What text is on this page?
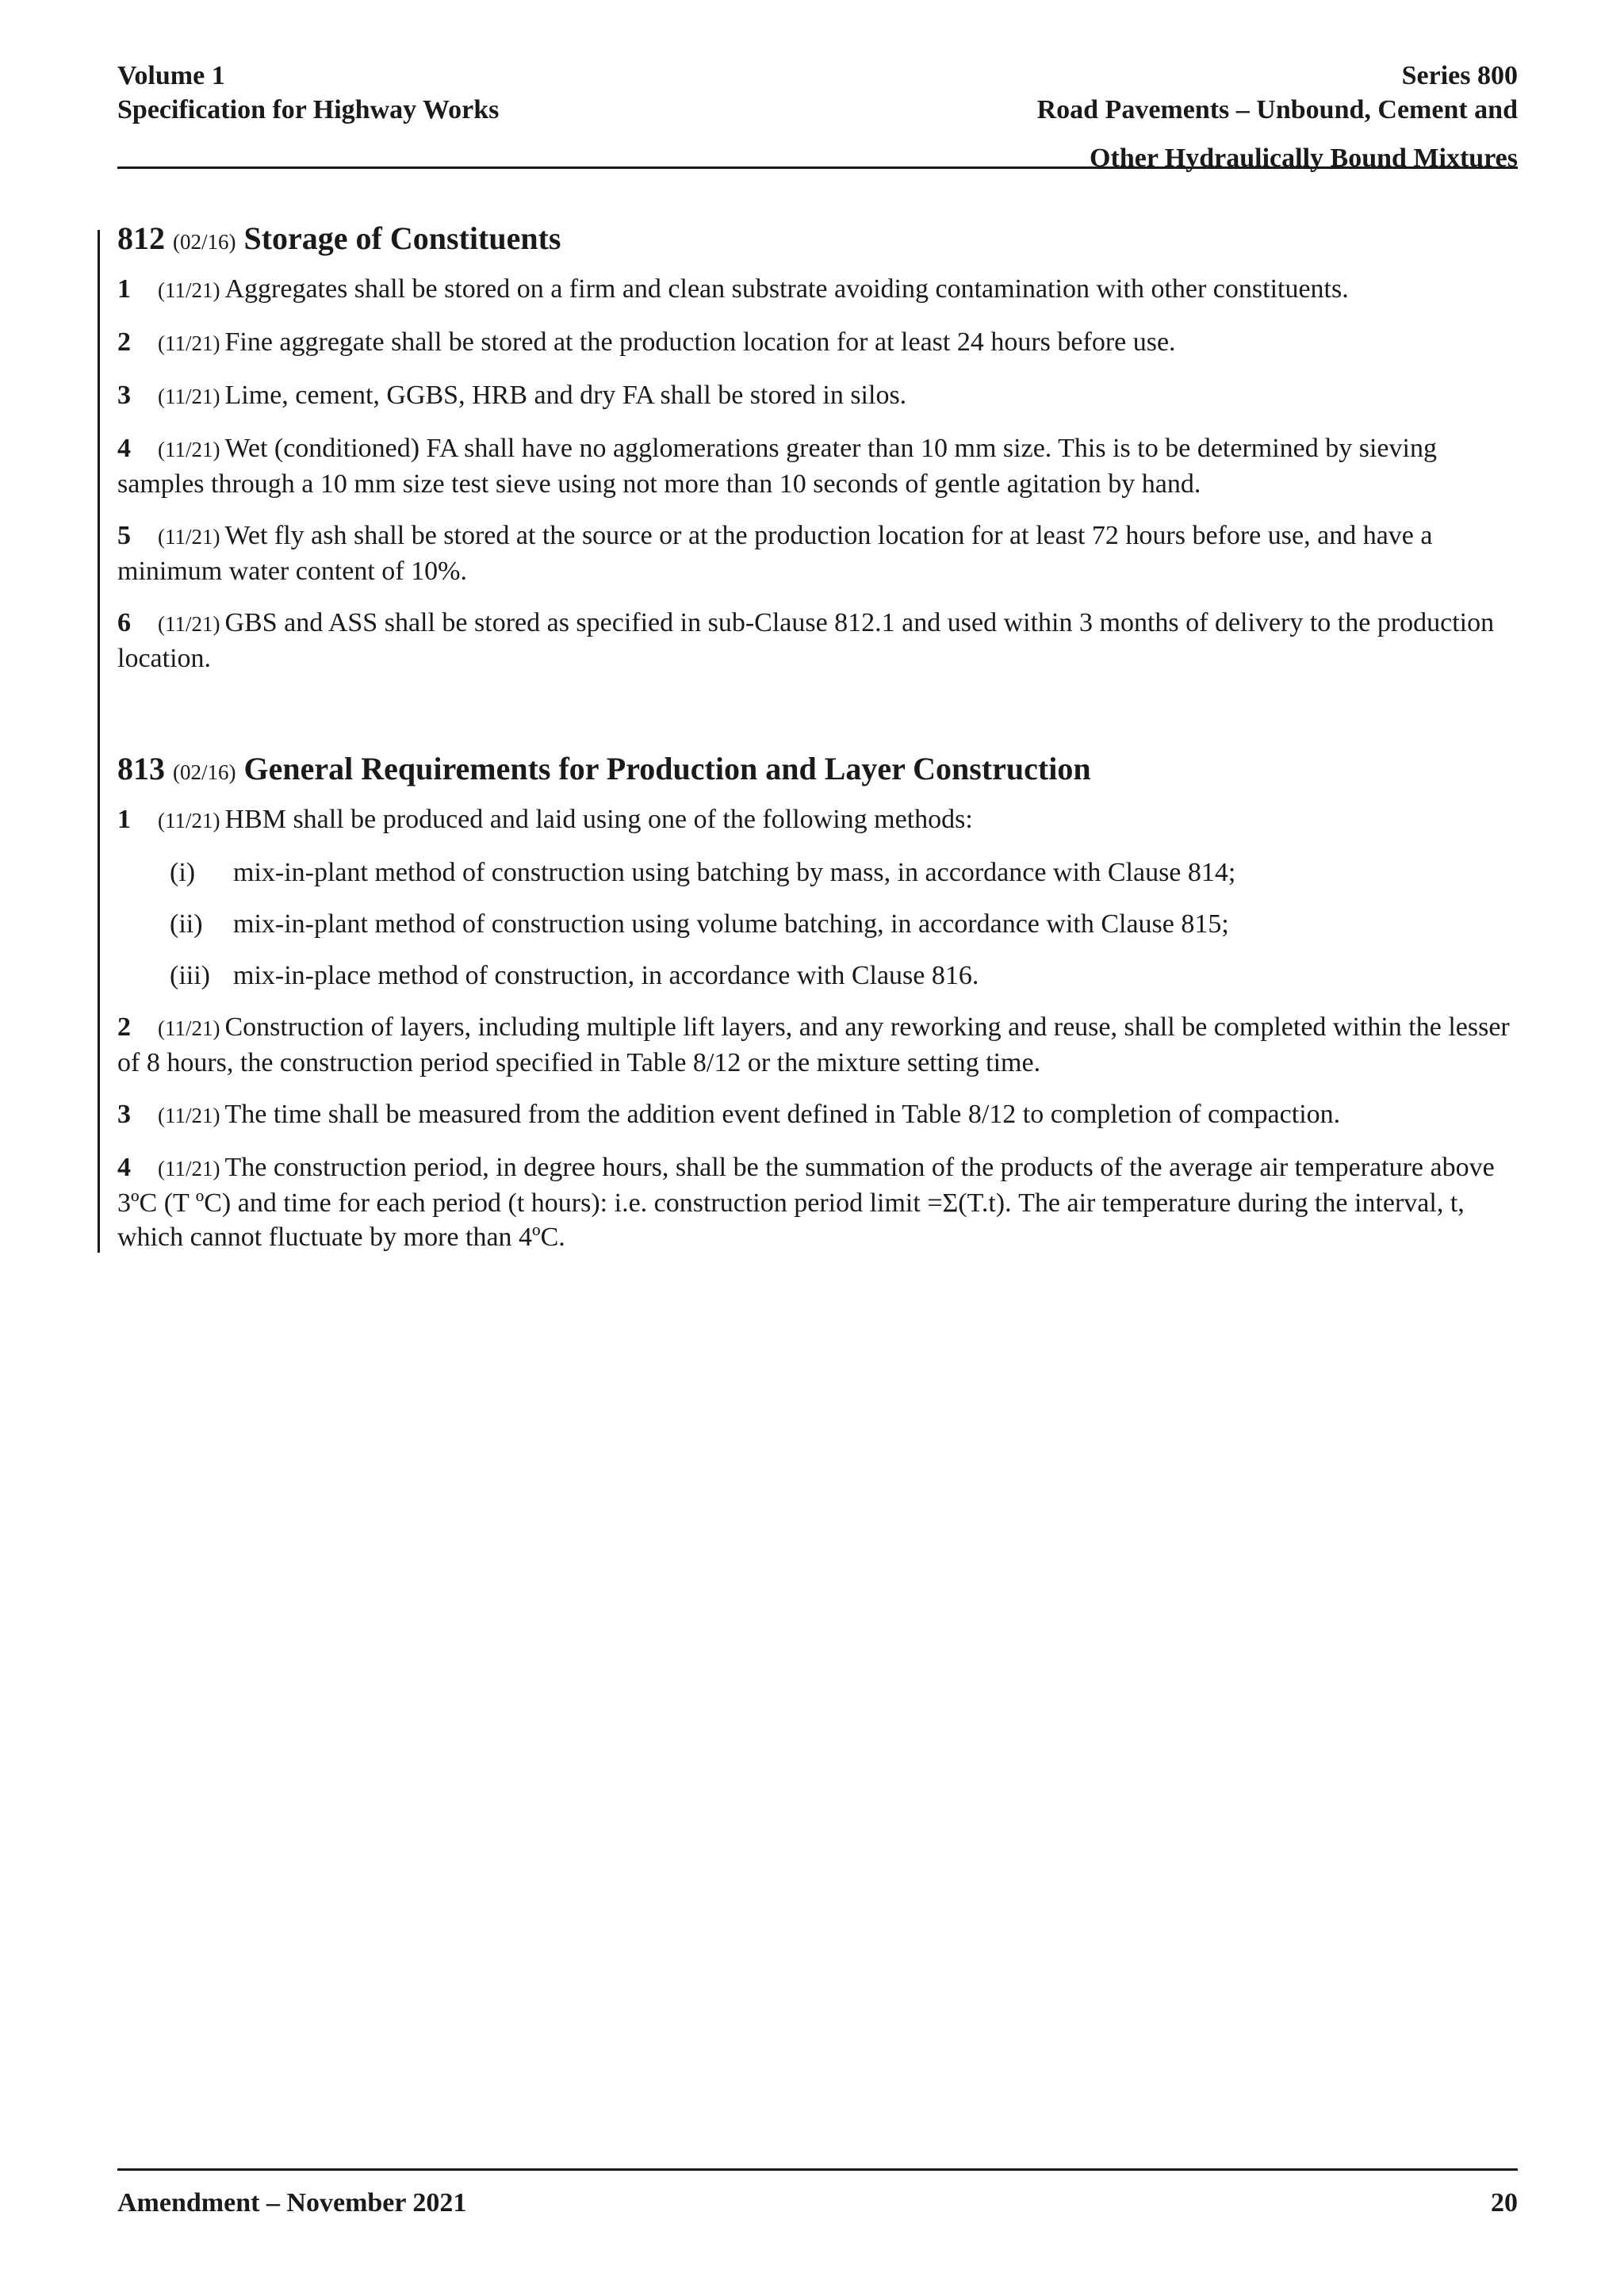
Volume 1
Specification for Highway Works
Series 800
Road Pavements – Unbound, Cement and
Other Hydraulically Bound Mixtures
812 (02/16) Storage of Constituents
1 (11/21) Aggregates shall be stored on a firm and clean substrate avoiding contamination with other constituents.
2 (11/21) Fine aggregate shall be stored at the production location for at least 24 hours before use.
3 (11/21) Lime, cement, GGBS, HRB and dry FA shall be stored in silos.
4 (11/21) Wet (conditioned) FA shall have no agglomerations greater than 10 mm size. This is to be determined by sieving samples through a 10 mm size test sieve using not more than 10 seconds of gentle agitation by hand.
5 (11/21) Wet fly ash shall be stored at the source or at the production location for at least 72 hours before use, and have a minimum water content of 10%.
6 (11/21) GBS and ASS shall be stored as specified in sub-Clause 812.1 and used within 3 months of delivery to the production location.
813 (02/16) General Requirements for Production and Layer Construction
1 (11/21) HBM shall be produced and laid using one of the following methods:
(i)	mix-in-plant method of construction using batching by mass, in accordance with Clause 814;
(ii)	mix-in-plant method of construction using volume batching, in accordance with Clause 815;
(iii) mix-in-place method of construction, in accordance with Clause 816.
2 (11/21) Construction of layers, including multiple lift layers, and any reworking and reuse, shall be completed within the lesser of 8 hours, the construction period specified in Table 8/12 or the mixture setting time.
3 (11/21) The time shall be measured from the addition event defined in Table 8/12 to completion of compaction.
4 (11/21) The construction period, in degree hours, shall be the summation of the products of the average air temperature above 3ºC (T ºC) and time for each period (t hours): i.e. construction period limit =Σ(T.t). The air temperature during the interval, t, which cannot fluctuate by more than 4ºC.
Amendment – November 2021	20
